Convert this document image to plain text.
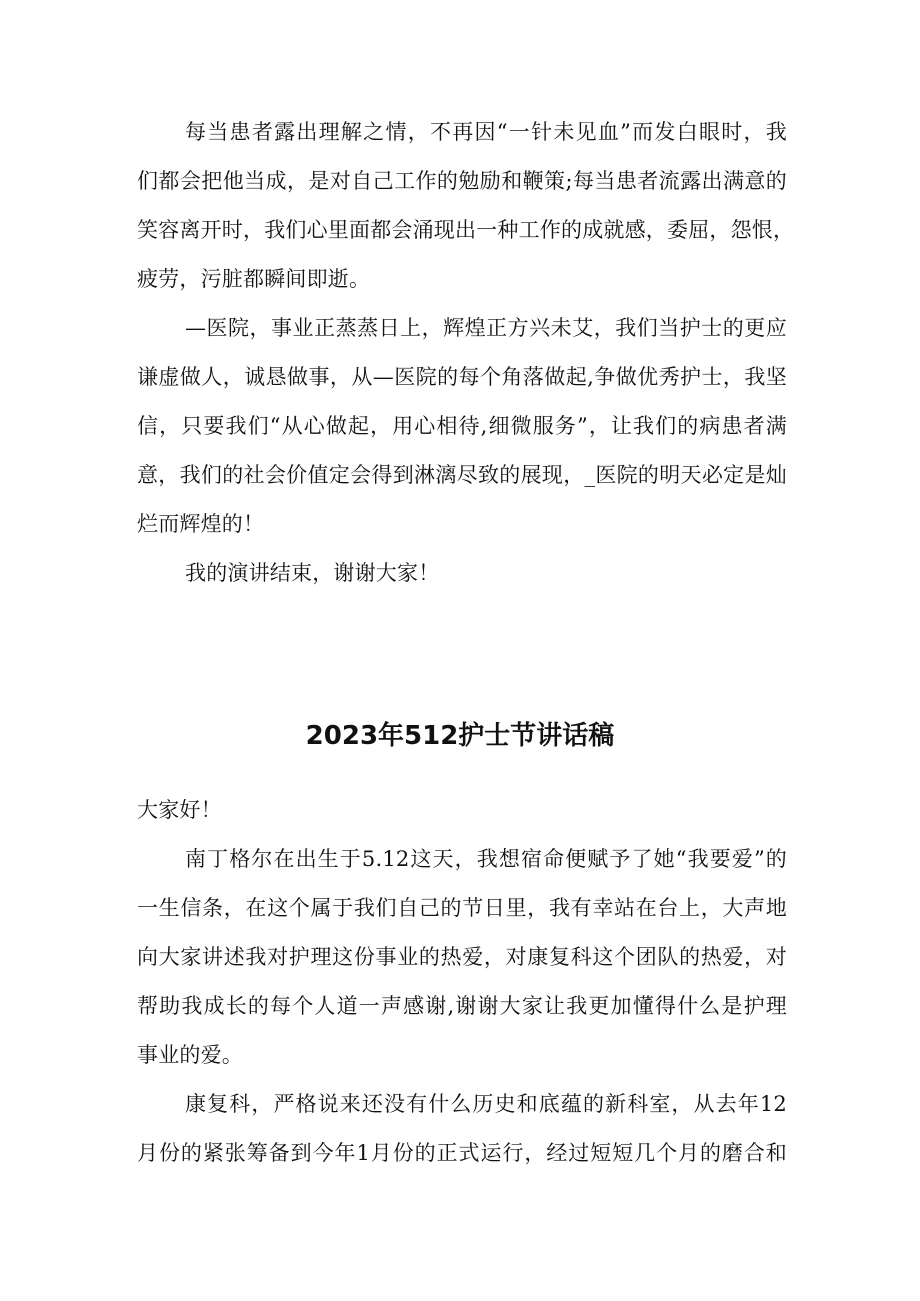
每当患者露出理解之情，不再因“一针未见血”而发白眼时，我
们都会把他当成，是对自己工作的勉励和鞭策;每当患者流露出满意的
笑容离开时，我们心里面都会涌现出一种工作的成就感，委屈，怨恨，
疲劳，污脏都瞬间即逝。
—医院，事业正蒸蒸日上，辉煌正方兴未艾，我们当护士的更应
谦虚做人，诚恳做事，从—医院的每个角落做起,争做优秀护士，我坚
信，只要我们“从心做起，用心相待,细微服务”，让我们的病患者满
意，我们的社会价值定会得到淋漓尽致的展现，_医院的明天必定是灿
烂而辉煌的！
我的演讲结束，谢谢大家！
2023年512护士节讲话稿
大家好！
南丁格尔在出生于5.12这天，我想宿命便赋予了她“我要爱”的
一生信条，在这个属于我们自己的节日里，我有幸站在台上，大声地
向大家讲述我对护理这份事业的热爱，对康复科这个团队的热爱，对
帮助我成长的每个人道一声感谢,谢谢大家让我更加懂得什么是护理
事业的爱。
康复科，严格说来还没有什么历史和底蕴的新科室，从去年12
月份的紧张筹备到今年1月份的正式运行，经过短短几个月的磨合和
